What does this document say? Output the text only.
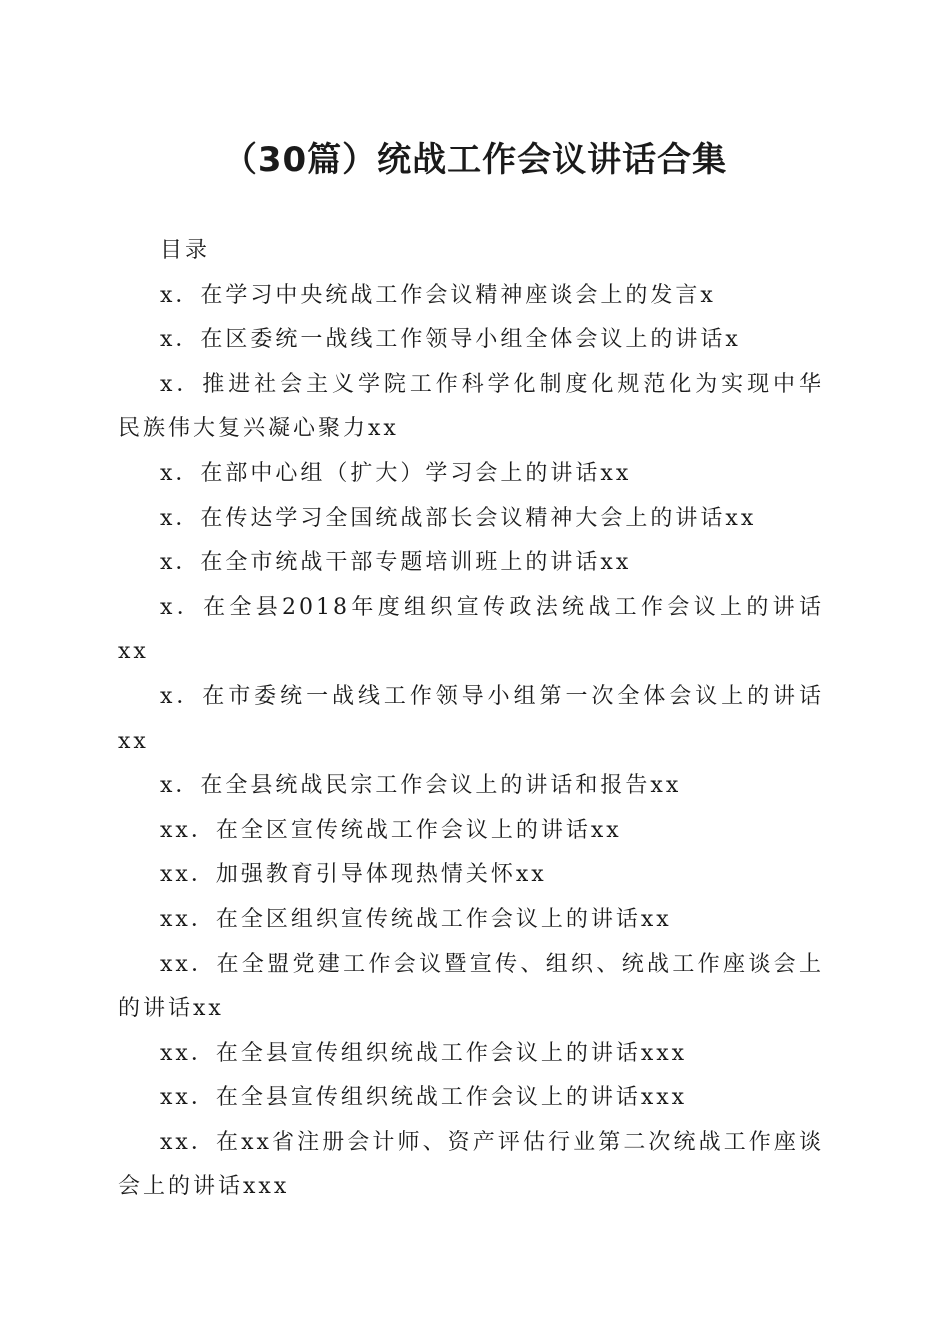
（30篇）统战工作会议讲话合集
目录
x．在学习中央统战工作会议精神座谈会上的发言x
x．在区委统一战线工作领导小组全体会议上的讲话x
x．推进社会主义学院工作科学化制度化规范化为实现中华民族伟大复兴凝心聚力xx
x．在部中心组（扩大）学习会上的讲话xx
x．在传达学习全国统战部长会议精神大会上的讲话xx
x．在全市统战干部专题培训班上的讲话xx
x．在全县2018年度组织宣传政法统战工作会议上的讲话xx
x．在市委统一战线工作领导小组第一次全体会议上的讲话xx
x．在全县统战民宗工作会议上的讲话和报告xx
xx．在全区宣传统战工作会议上的讲话xx
xx．加强教育引导体现热情关怀xx
xx．在全区组织宣传统战工作会议上的讲话xx
xx．在全盟党建工作会议暨宣传、组织、统战工作座谈会上的讲话xx
xx．在全县宣传组织统战工作会议上的讲话xxx
xx．在全县宣传组织统战工作会议上的讲话xxx
xx．在xx省注册会计师、资产评估行业第二次统战工作座谈会上的讲话xxx
